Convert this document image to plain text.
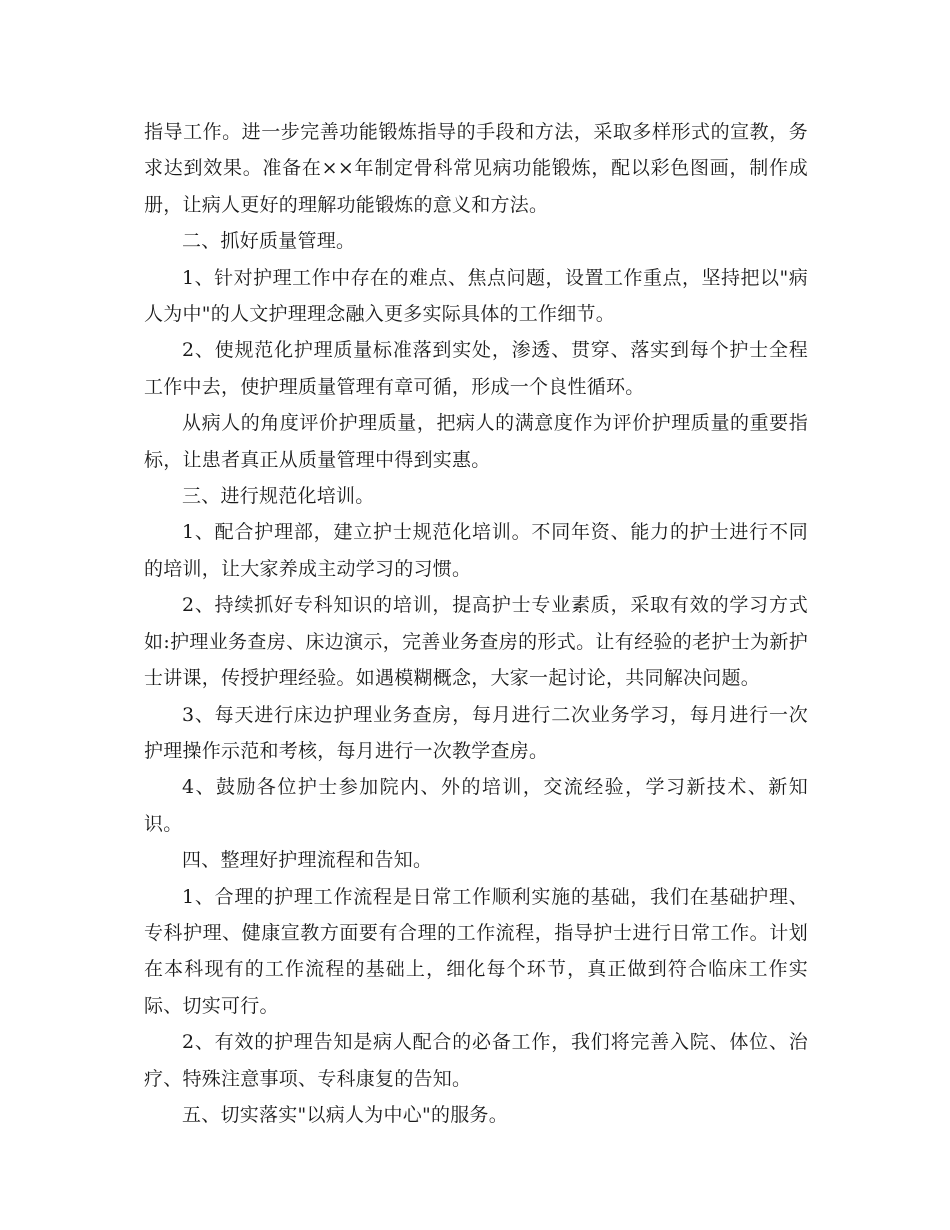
指导工作。进一步完善功能锻炼指导的手段和方法，采取多样形式的宣教，务求达到效果。准备在××年制定骨科常见病功能锻炼，配以彩色图画，制作成册，让病人更好的理解功能锻炼的意义和方法。

二、抓好质量管理。

1、针对护理工作中存在的难点、焦点问题，设置工作重点，坚持把以"病人为中"的人文护理理念融入更多实际具体的工作细节。

2、使规范化护理质量标准落到实处，渗透、贯穿、落实到每个护士全程工作中去，使护理质量管理有章可循，形成一个良性循环。

从病人的角度评价护理质量，把病人的满意度作为评价护理质量的重要指标，让患者真正从质量管理中得到实惠。

三、进行规范化培训。

1、配合护理部，建立护士规范化培训。不同年资、能力的护士进行不同的培训，让大家养成主动学习的习惯。

2、持续抓好专科知识的培训，提高护士专业素质，采取有效的学习方式如:护理业务查房、床边演示，完善业务查房的形式。让有经验的老护士为新护士讲课，传授护理经验。如遇模糊概念，大家一起讨论，共同解决问题。

3、每天进行床边护理业务查房，每月进行二次业务学习，每月进行一次护理操作示范和考核，每月进行一次教学查房。

4、鼓励各位护士参加院内、外的培训，交流经验，学习新技术、新知识。

四、整理好护理流程和告知。

1、合理的护理工作流程是日常工作顺利实施的基础，我们在基础护理、专科护理、健康宣教方面要有合理的工作流程，指导护士进行日常工作。计划在本科现有的工作流程的基础上，细化每个环节，真正做到符合临床工作实际、切实可行。

2、有效的护理告知是病人配合的必备工作，我们将完善入院、体位、治疗、特殊注意事项、专科康复的告知。

五、切实落实"以病人为中心"的服务。
